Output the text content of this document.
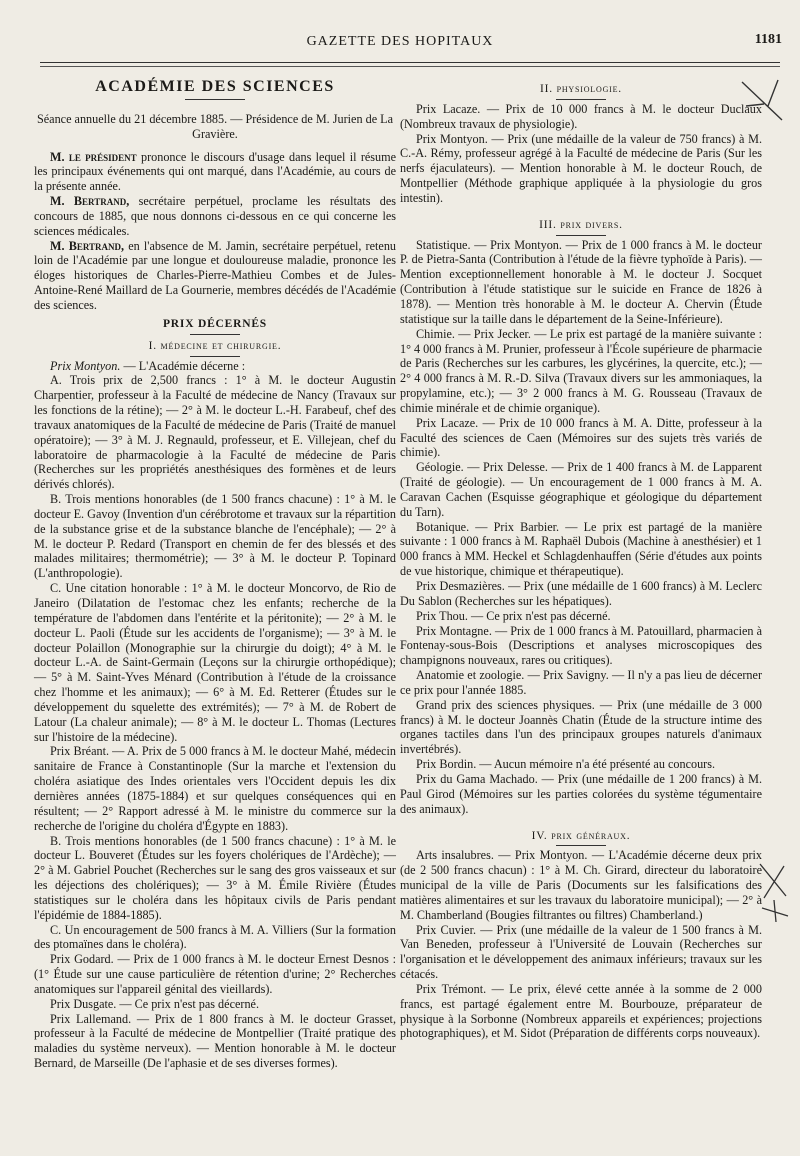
GAZETTE DES HOPITAUX	1181
ACADÉMIE DES SCIENCES

Séance annuelle du 21 décembre 1885. — Présidence de M. Jurien de La Gravière.

M. le président prononce le discours d'usage dans lequel il résume les principaux événements qui ont marqué, dans l'Académie, au cours de la présente année.

M. Bertrand, secrétaire perpétuel, proclame les résultats des concours de 1885, que nous donnons ci-dessous en ce qui concerne les sciences médicales.

M. Bertrand, en l'absence de M. Jamin, secrétaire perpétuel, retenu loin de l'Académie par une longue et douloureuse maladie, prononce les éloges historiques de Charles-Pierre-Mathieu Combes et de Jules-Antoine-René Maillard de La Gournerie, membres décédés de l'Académie des sciences.

PRIX DÉCERNÉS
I. médecine et chirurgie.

Prix Montyon. — L'Académie décerne :

A. Trois prix de 2,500 francs : 1° à M. le docteur Augustin Charpentier, professeur à la Faculté de médecine de Nancy (Travaux sur les fonctions de la rétine); — 2° à M. le docteur L.-H. Farabeuf, chef des travaux anatomiques de la Faculté de médecine de Paris (Traité de manuel opératoire); — 3° à M. J. Regnauld, professeur, et E. Villejean, chef du laboratoire de pharmacologie à la Faculté de médecine de Paris (Recherches sur les propriétés anesthésiques des formènes et de leurs dérivés chlorés).

B. Trois mentions honorables (de 1 500 francs chacune) : 1° à M. le docteur E. Gavoy (Invention d'un cérébrotome et travaux sur la répartition de la substance grise et de la substance blanche de l'encéphale); — 2° à M. le docteur P. Redard (Transport en chemin de fer des blessés et des malades militaires; thermométrie); — 3° à M. le docteur P. Topinard (L'anthropologie).

C. Une citation honorable : 1° à M. le docteur Moncorvo, de Rio de Janeiro (Dilatation de l'estomac chez les enfants; recherche de la température de l'abdomen dans l'entérite et la péritonite); — 2° à M. le docteur L. Paoli (Étude sur les accidents de l'organisme); — 3° à M. le docteur Polaillon (Monographie sur la chirurgie du doigt); 4° à M. le docteur L.-A. de Saint-Germain (Leçons sur la chirurgie orthopédique); — 5° à M. Saint-Yves Ménard (Contribution à l'étude de la croissance chez l'homme et les animaux); — 6° à M. Ed. Retterer (Études sur le développement du squelette des extrémités); — 7° à M. de Robert de Latour (La chaleur animale); — 8° à M. le docteur L. Thomas (Lectures sur l'histoire de la médecine).

Prix Bréant. — A. Prix de 5 000 francs à M. le docteur Mahé, médecin sanitaire de France à Constantinople (Sur la marche et l'extension du choléra asiatique des Indes orientales vers l'Occident depuis les dix dernières années (1875-1884) et sur quelques conséquences qui en résultent; — 2° Rapport adressé à M. le ministre du commerce sur la recherche de l'origine du choléra d'Égypte en 1883).

B. Trois mentions honorables (de 1 500 francs chacune) : 1° à M. le docteur L. Bouveret (Études sur les foyers cholériques de l'Ardèche); — 2° à M. Gabriel Pouchet (Recherches sur le sang des gros vaisseaux et sur les déjections des cholériques); — 3° à M. Émile Rivière (Études statistiques sur le choléra dans les hôpitaux civils de Paris pendant l'épidémie de 1884-1885).

C. Un encouragement de 500 francs à M. A. Villiers (Sur la formation des ptomaïnes dans le choléra).

Prix Godard. — Prix de 1 000 francs à M. le docteur Ernest Desnos : (1° Étude sur une cause particulière de rétention d'urine; 2° Recherches anatomiques sur l'appareil génital des vieillards).

Prix Dusgate. — Ce prix n'est pas décerné.

Prix Lallemand. — Prix de 1 800 francs à M. le docteur Grasset, professeur à la Faculté de médecine de Montpellier (Traité pratique des maladies du système nerveux). — Mention honorable à M. le docteur Bernard, de Marseille (De l'aphasie et de ses diverses formes).

II. physiologie.

Prix Lacaze. — Prix de 10 000 francs à M. le docteur Duclaux (Nombreux travaux de physiologie).

Prix Montyon. — Prix (une médaille de la valeur de 750 francs) à M. C.-A. Rémy, professeur agrégé à la Faculté de médecine de Paris (Sur les nerfs éjaculateurs). — Mention honorable à M. le docteur Rouch, de Montpellier (Méthode graphique appliquée à la physiologie du gros intestin).

III. prix divers.

Statistique. — Prix Montyon. — Prix de 1 000 francs à M. le docteur P. de Pietra-Santa (Contribution à l'étude de la fièvre typhoïde à Paris). — Mention exceptionnellement honorable à M. le docteur J. Socquet (Contribution à l'étude statistique sur le suicide en France de 1826 à 1878). — Mention très honorable à M. le docteur A. Chervin (Étude statistique sur la taille dans le département de la Seine-Inférieure).

Chimie. — Prix Jecker. — Le prix est partagé de la manière suivante : 1° 4 000 francs à M. Prunier, professeur à l'École supérieure de pharmacie de Paris (Recherches sur les carbures, les glycérines, la quercite, etc.); — 2° 4 000 francs à M. R.-D. Silva (Travaux divers sur les ammoniaques, la propylamine, etc.); — 3° 2 000 francs à M. G. Rousseau (Travaux de chimie minérale et de chimie organique).

Prix Lacaze. — Prix de 10 000 francs à M. A. Ditte, professeur à la Faculté des sciences de Caen (Mémoires sur des sujets très variés de chimie).

Géologie. — Prix Delesse. — Prix de 1 400 francs à M. de Lapparent (Traité de géologie). — Un encouragement de 1 000 francs à M. A. Caravan Cachen (Esquisse géographique et géologique du département du Tarn).

Botanique. — Prix Barbier. — Le prix est partagé de la manière suivante : 1 000 francs à M. Raphaël Dubois (Machine à anesthésier) et 1 000 francs à MM. Heckel et Schlagdenhauffen (Série d'études aux points de vue historique, chimique et thérapeutique).

Prix Desmazières. — Prix (une médaille de 1 600 francs) à M. Leclerc Du Sablon (Recherches sur les hépatiques).

Prix Thou. — Ce prix n'est pas décerné.

Prix Montagne. — Prix de 1 000 francs à M. Patouillard, pharmacien à Fontenay-sous-Bois (Descriptions et analyses microscopiques des champignons nouveaux, rares ou critiques).

Anatomie et zoologie. — Prix Savigny. — Il n'y a pas lieu de décerner ce prix pour l'année 1885.

Grand prix des sciences physiques. — Prix (une médaille de 3 000 francs) à M. le docteur Joannès Chatin (Étude de la structure intime des organes tactiles dans l'un des principaux groupes naturels d'animaux invertébrés).

Prix Bordin. — Aucun mémoire n'a été présenté au concours.

Prix du Gama Machado. — Prix (une médaille de 1 200 francs) à M. Paul Girod (Mémoires sur les parties colorées du système tégumentaire des animaux).

IV. prix généraux.

Arts insalubres. — Prix Montyon. — L'Académie décerne deux prix (de 2 500 francs chacun) : 1° à M. Ch. Girard, directeur du laboratoire municipal de la ville de Paris (Documents sur les falsifications des matières alimentaires et sur les travaux du laboratoire municipal); — 2° à M. Chamberland (Bougies filtrantes ou filtres) Chamberland.)

Prix Cuvier. — Prix (une médaille de la valeur de 1 500 francs à M. Van Beneden, professeur à l'Université de Louvain (Recherches sur l'organisation et le développement des animaux inférieurs; travaux sur les cétacés.

Prix Trémont. — Le prix, élevé cette année à la somme de 2 000 francs, est partagé également entre M. Bourbouze, préparateur de physique à la Sorbonne (Nombreux appareils et expériences; projections photographiques), et M. Sidot (Préparation de différents corps nouveaux).
